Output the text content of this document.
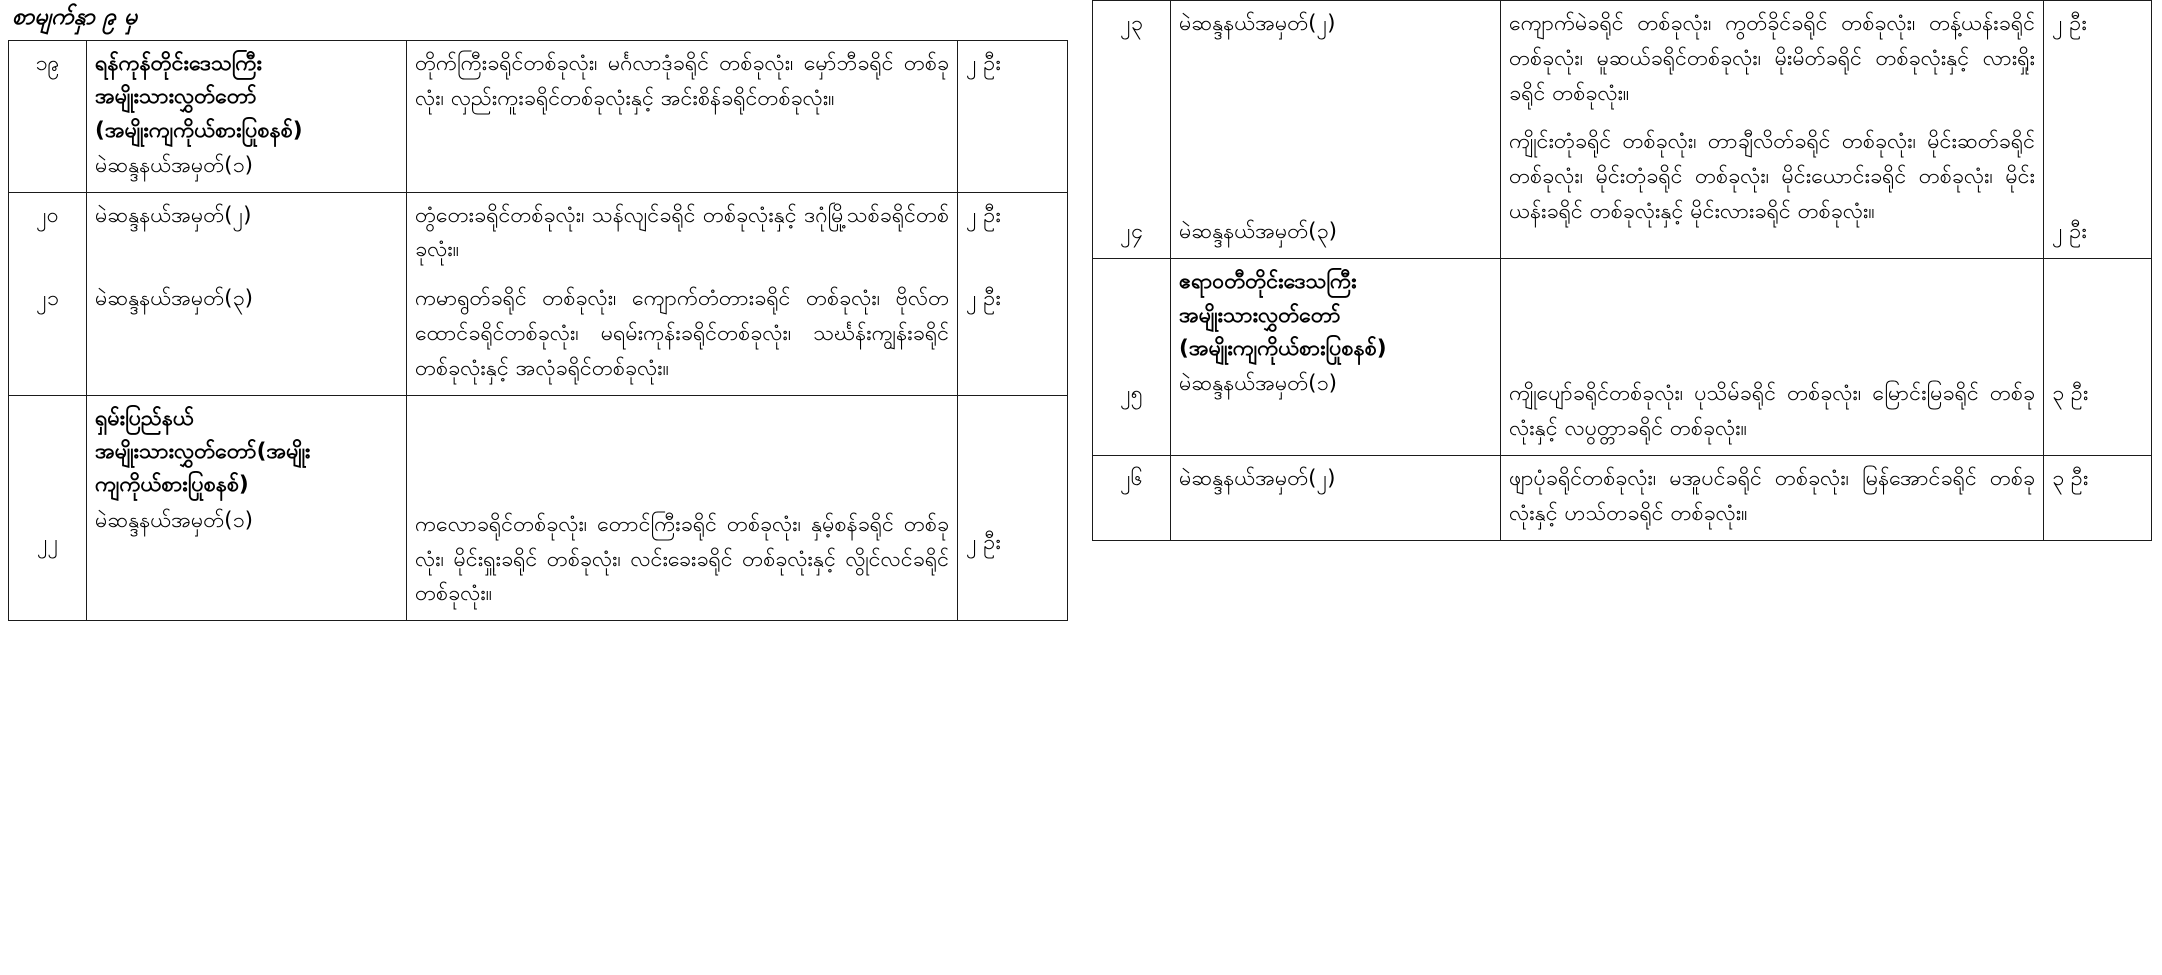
စာမျက်နှာ ၉ မှ
၁၉	ရန်ကုန်တိုင်းဒေသကြီး
အမျိုးသားလွှတ်တော်
(အမျိုးကျကိုယ်စားပြုစနစ်)
မဲဆန္ဒနယ်အမှတ်(၁)	တိုက်ကြီးခရိုင်တစ်ခုလုံး၊ မင်္ဂလာဒုံခရိုင် တစ်ခုလုံး၊ မှော်ဘီခရိုင် တစ်ခုလုံး၊ လှည်းကူးခရိုင်တစ်ခုလုံးနှင့် အင်းစိန်ခရိုင်တစ်ခုလုံး။	၂ ဦး
၂၀	မဲဆန္ဒနယ်အမှတ်(၂)	တွံတေးခရိုင်တစ်ခုလုံး၊ သန်လျင်ခရိုင် တစ်ခုလုံးနှင့် ဒဂုံမြို့သစ်ခရိုင်တစ်ခုလုံး။	၂ ဦး
၂၁	မဲဆန္ဒနယ်အမှတ်(၃)	ကမာရွတ်ခရိုင် တစ်ခုလုံး၊ ကျောက်တံတားခရိုင် တစ်ခုလုံး၊ ဗိုလ်တထောင်ခရိုင်တစ်ခုလုံး၊ မရမ်းကုန်းခရိုင်တစ်ခုလုံး၊ သင်္ဃန်းကျွန်းခရိုင် တစ်ခုလုံးနှင့် အလုံခရိုင်တစ်ခုလုံး။	၂ ဦး
၂၂	ရှမ်းပြည်နယ်
အမျိုးသားလွှတ်တော်(အမျိုး
ကျကိုယ်စားပြုစနစ်)
မဲဆန္ဒနယ်အမှတ်(၁)	ကလောခရိုင်တစ်ခုလုံး၊ တောင်ကြီးခရိုင် တစ်ခုလုံး၊ နှမ့်စန်ခရိုင် တစ်ခုလုံး၊ မိုင်းရှူးခရိုင် တစ်ခုလုံး၊ လင်းခေးခရိုင် တစ်ခုလုံးနှင့် လွိုင်လင်ခရိုင် တစ်ခုလုံး။	၂ ဦး
၂၃	မဲဆန္ဒနယ်အမှတ်(၂)	ကျောက်မဲခရိုင် တစ်ခုလုံး၊ ကွတ်ခိုင်ခရိုင် တစ်ခုလုံး၊ တန့်ယန်းခရိုင် တစ်ခုလုံး၊ မူဆယ်ခရိုင်တစ်ခုလုံး၊ မိုးမိတ်ခရိုင် တစ်ခုလုံးနှင့် လားရှိုးခရိုင် တစ်ခုလုံး။	၂ ဦး
၂၄	မဲဆန္ဒနယ်အမှတ်(၃)	ကျိုင်းတုံခရိုင် တစ်ခုလုံး၊ တာချီလိတ်ခရိုင် တစ်ခုလုံး၊ မိုင်းဆတ်ခရိုင် တစ်ခုလုံး၊ မိုင်းတုံခရိုင် တစ်ခုလုံး၊ မိုင်းယောင်းခရိုင် တစ်ခုလုံး၊ မိုင်းယန်းခရိုင် တစ်ခုလုံးနှင့် မိုင်းလားခရိုင် တစ်ခုလုံး။	၂ ဦး
၂၅	ဧရာဝတီတိုင်းဒေသကြီး
အမျိုးသားလွှတ်တော်
(အမျိုးကျကိုယ်စားပြုစနစ်)
မဲဆန္ဒနယ်အမှတ်(၁)	ကျိုပျော်ခရိုင်တစ်ခုလုံး၊ ပုသိမ်ခရိုင် တစ်ခုလုံး၊ မြောင်းမြခရိုင် တစ်ခုလုံးနှင့် လပွတ္တာခရိုင် တစ်ခုလုံး။	၃ ဦး
၂၆	မဲဆန္ဒနယ်အမှတ်(၂)	ဖျာပုံခရိုင်တစ်ခုလုံး၊ မအူပင်ခရိုင် တစ်ခုလုံး၊ မြန်အောင်ခရိုင် တစ်ခုလုံးနှင့် ဟသ်တခရိုင် တစ်ခုလုံး။	၃ ဦး
